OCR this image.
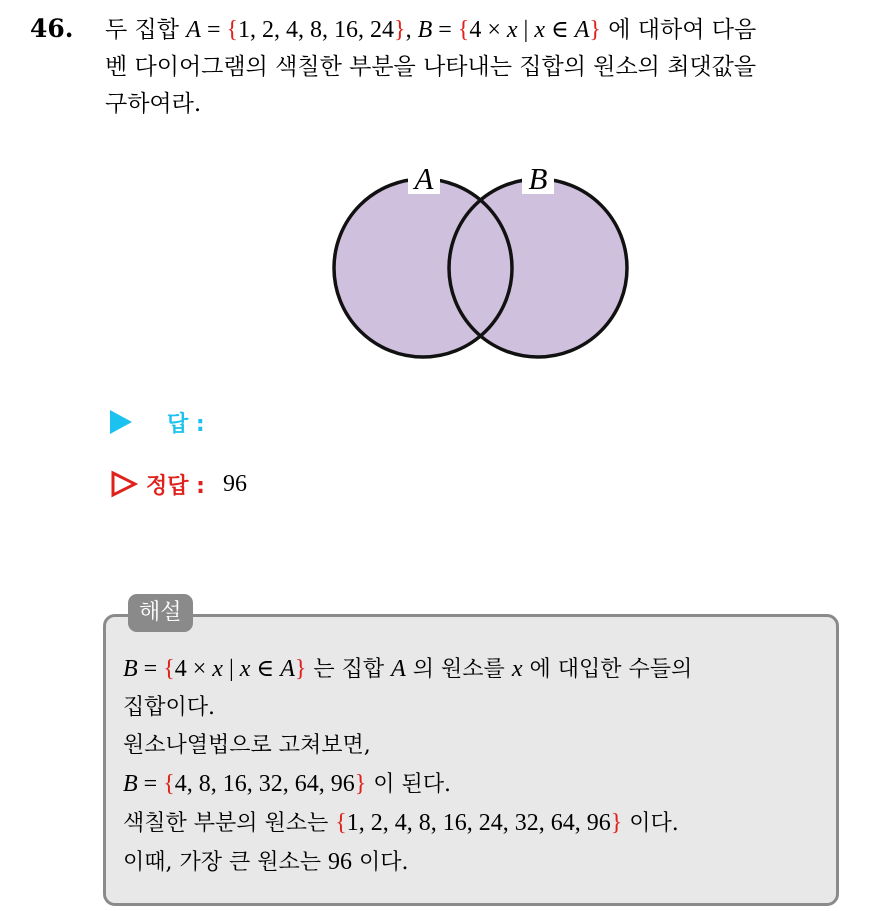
46. 두 집합 A = {1, 2, 4, 8, 16, 24}, B = {4 × x | x ∈ A} 에 대하여 다음
벤 다이어그램의 색칠한 부분을 나타내는 집합의 원소의 최댓값을
구하여라.
A	B
답 :
정답 : 96
해설
B = {4 × x | x ∈ A} 는 집합 A 의 원소를 x 에 대입한 수들의
집합이다.
원소나열법으로 고쳐보면,
B = {4, 8, 16, 32, 64, 96} 이 된다.
색칠한 부분의 원소는 {1, 2, 4, 8, 16, 24, 32, 64, 96} 이다.
이때, 가장 큰 원소는 96 이다.
